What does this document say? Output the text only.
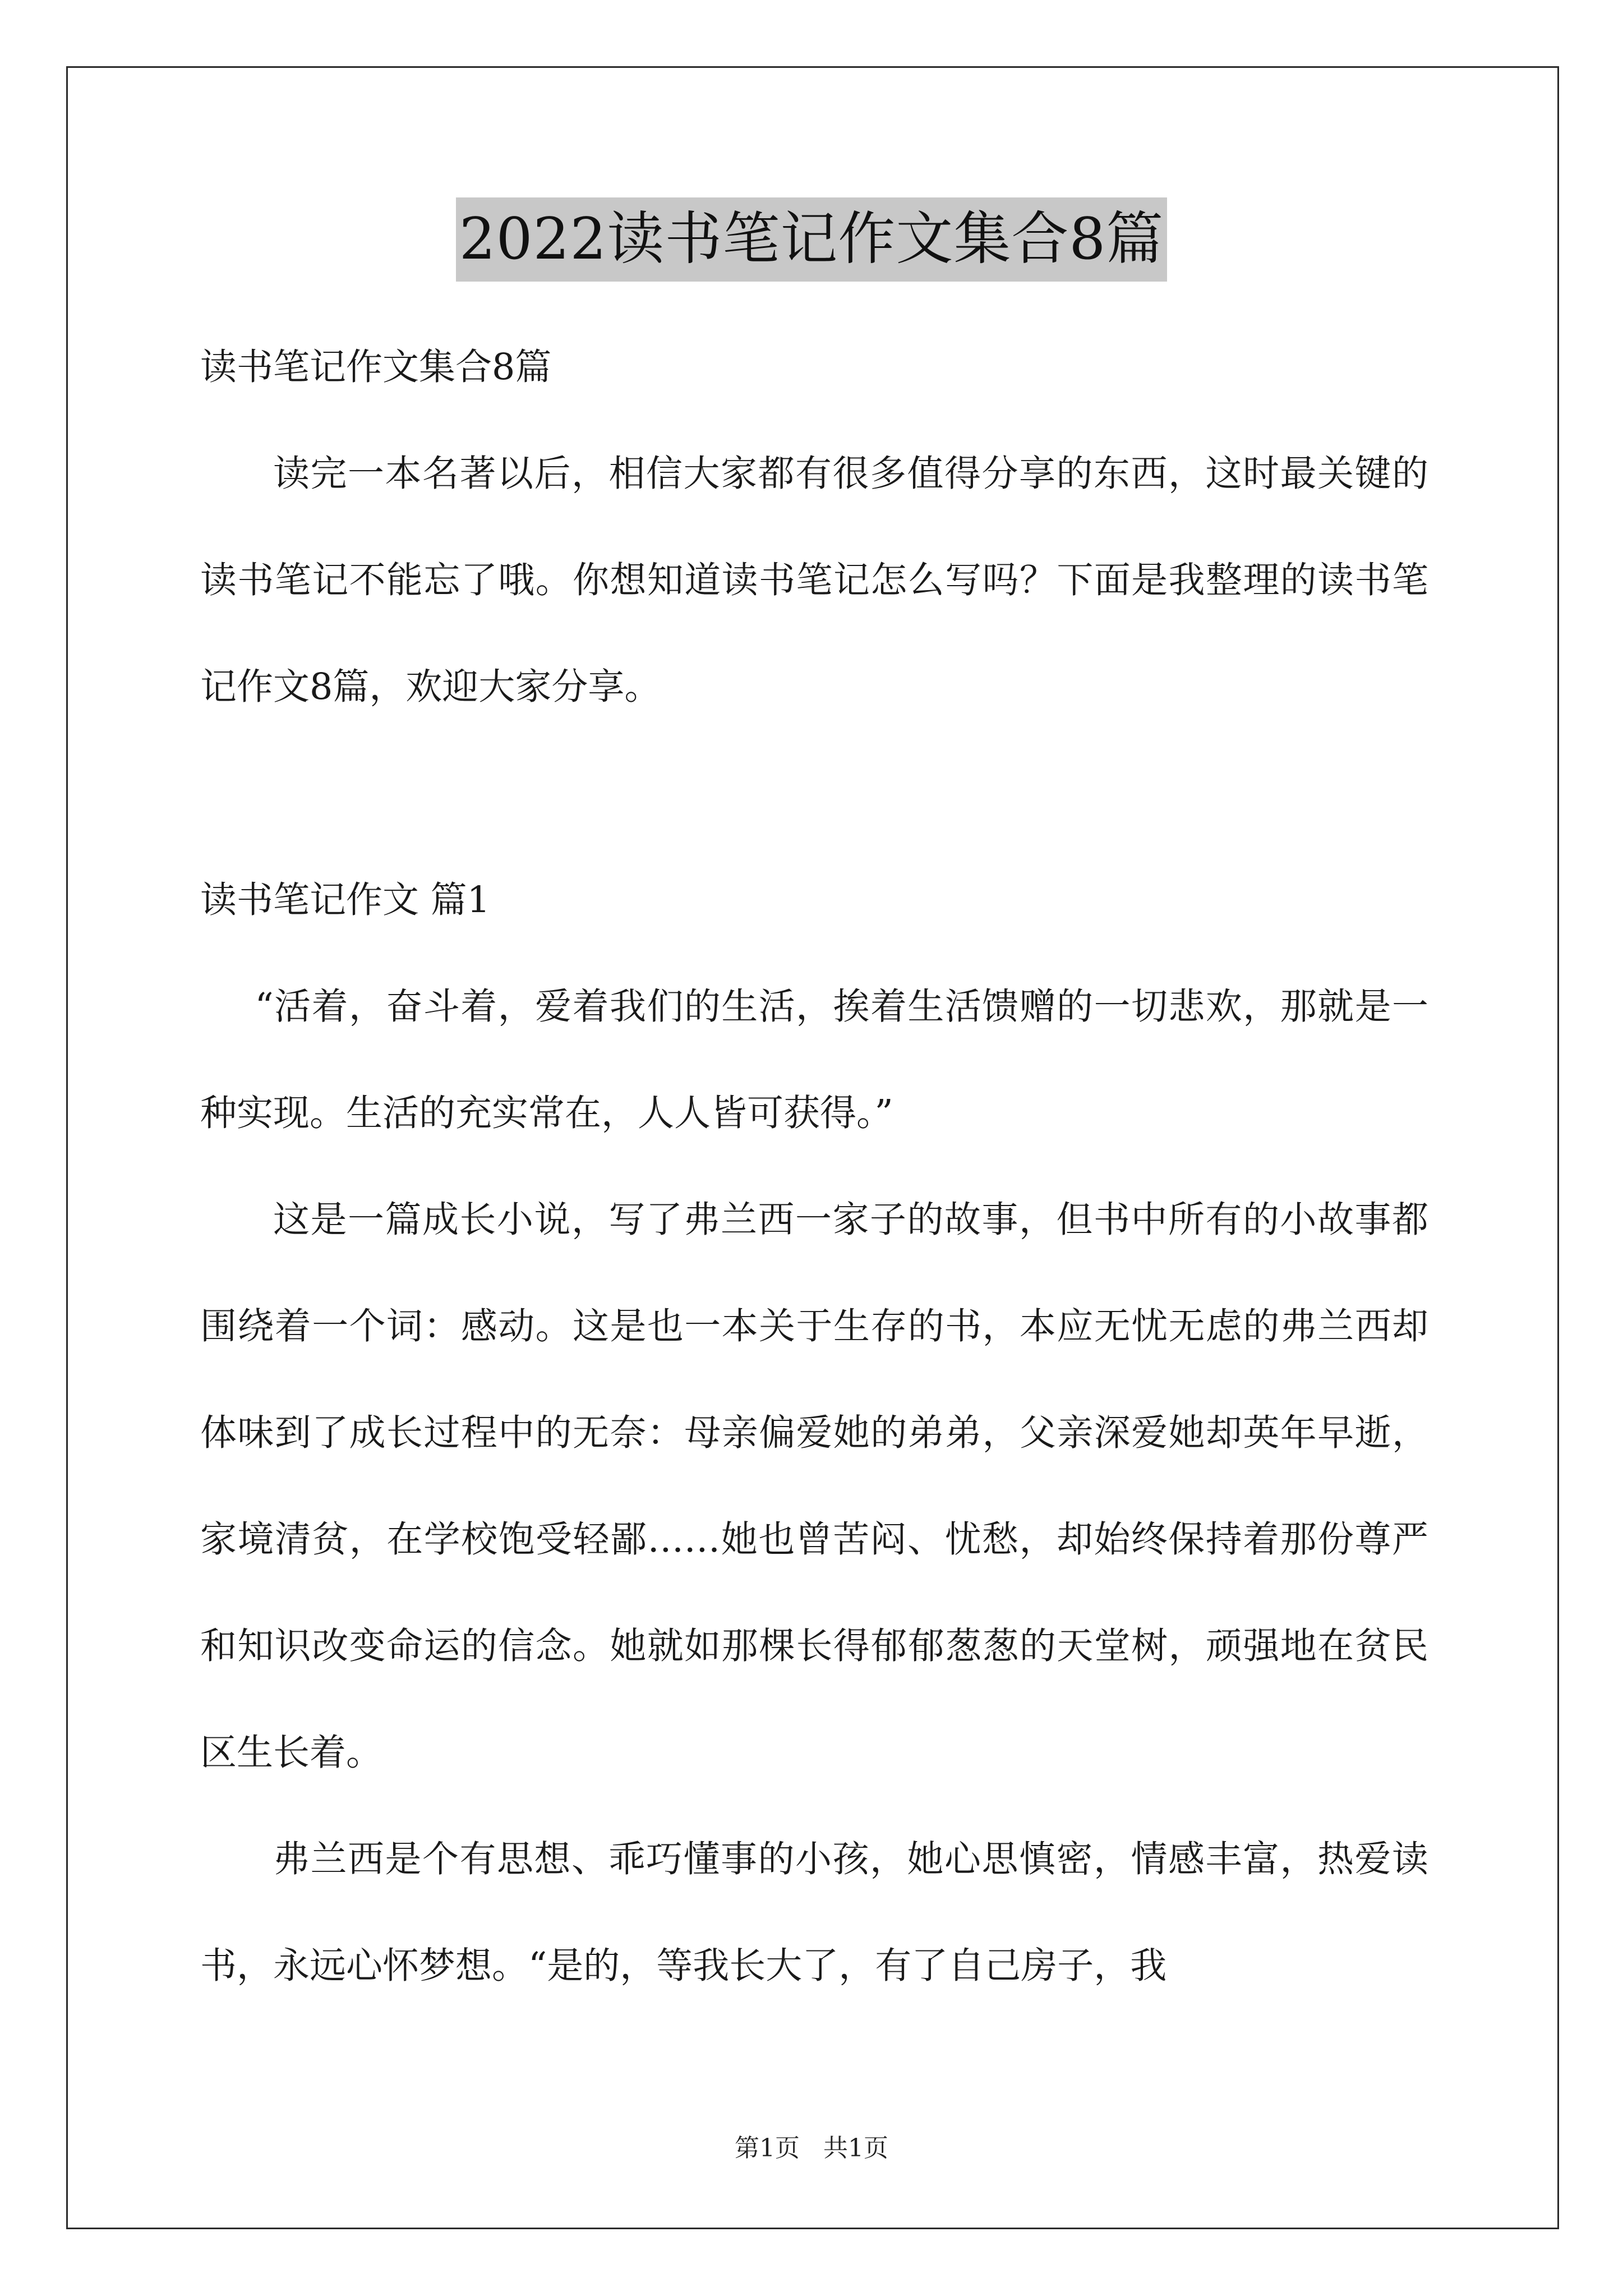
2022读书笔记作文集合8篇

读书笔记作文集合8篇

读完一本名著以后，相信大家都有很多值得分享的东西，这时最关键的读书笔记不能忘了哦。你想知道读书笔记怎么写吗？下面是我整理的读书笔记作文8篇，欢迎大家分享。

读书笔记作文 篇1

“活着，奋斗着，爱着我们的生活，挨着生活馈赠的一切悲欢，那就是一种实现。生活的充实常在，人人皆可获得。”

这是一篇成长小说，写了弗兰西一家子的故事，但书中所有的小故事都围绕着一个词：感动。这是也一本关于生存的书，本应无忧无虑的弗兰西却体味到了成长过程中的无奈：母亲偏爱她的弟弟，父亲深爱她却英年早逝，家境清贫，在学校饱受轻鄙……她也曾苦闷、忧愁，却始终保持着那份尊严和知识改变命运的信念。她就如那棵长得郁郁葱葱的天堂树，顽强地在贫民区生长着。

弗兰西是个有思想、乖巧懂事的小孩，她心思慎密，情感丰富，热爱读书，永远心怀梦想。“是的，等我长大了，有了自己房子，我

第1页 共1页
